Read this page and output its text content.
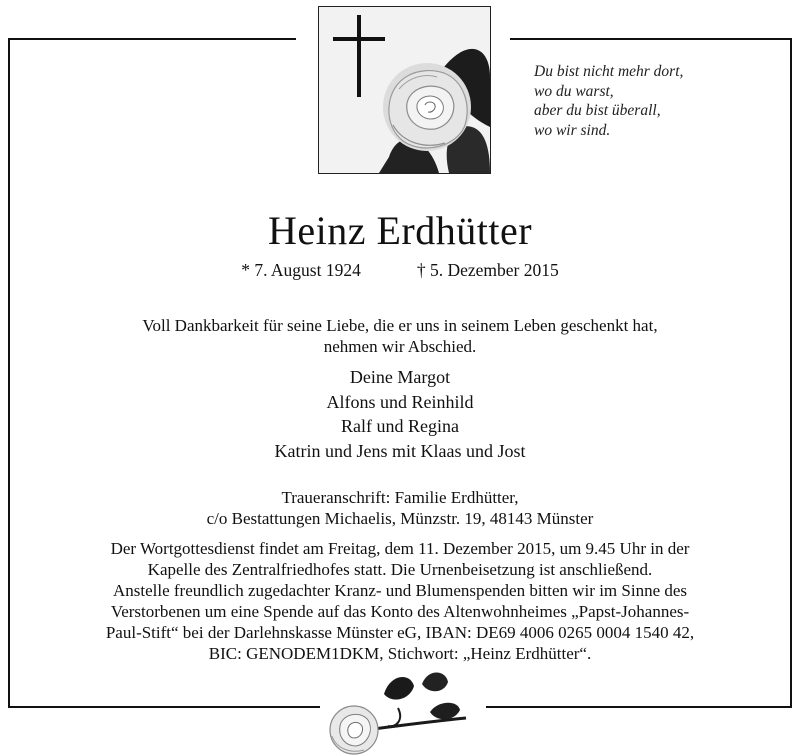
Du bist nicht mehr dort,
wo du warst,
aber du bist überall,
wo wir sind.
Heinz Erdhütter
* 7. August 1924	† 5. Dezember 2015
Voll Dankbarkeit für seine Liebe, die er uns in seinem Leben geschenkt hat,
nehmen wir Abschied.
Deine Margot
Alfons und Reinhild
Ralf und Regina
Katrin und Jens mit Klaas und Jost
Traueranschrift: Familie Erdhütter,
c/o Bestattungen Michaelis, Münzstr. 19, 48143 Münster
Der Wortgottesdienst findet am Freitag, dem 11. Dezember 2015, um 9.45 Uhr in der
Kapelle des Zentralfriedhofes statt. Die Urnenbeisetzung ist anschließend.
Anstelle freundlich zugedachter Kranz- und Blumenspenden bitten wir im Sinne des
Verstorbenen um eine Spende auf das Konto des Altenwohnheimes „Papst-Johannes-
Paul-Stift“ bei der Darlehnskasse Münster eG, IBAN: DE69 4006 0265 0004 1540 42,
BIC: GENODEM1DKM, Stichwort: „Heinz Erdhütter“.
